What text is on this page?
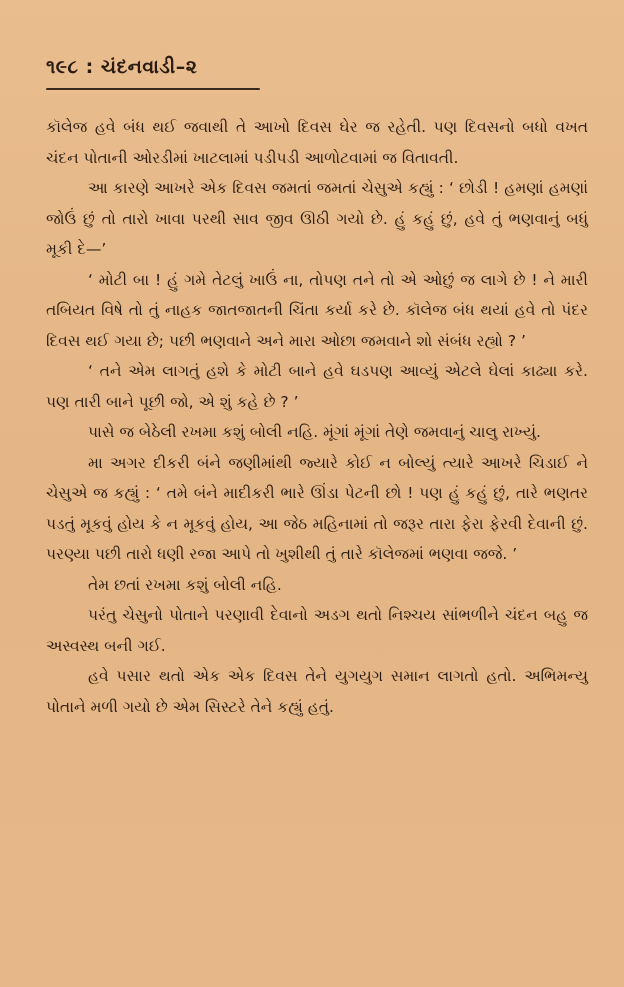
૧૯૮ : ચંદનવાડી–૨

કૉલેજ હવે બંધ થઈ જવાથી તે આખો દિવસ ઘેર જ રહેતી. પણ દિવસનો બધો વખત ચંદન પોતાની ઓરડીમાં ખાટલામાં પડીપડી આળોટવામાં જ વિતાવતી.

આ કારણે આખરે એક દિવસ જમતાં જમતાં ચેસુએ કહ્યું : ‘ છોડી ! હમણાં હમણાં જોઉં છું તો તારો ખાવા પરથી સાવ જીવ ઊઠી ગયો છે. હું કહું છું, હવે તું ભણવાનું બધું મૂકી દે—’

‘ મોટી બા ! હું ગમે તેટલું ખાઉં ના, તોપણ તને તો એ ઓછું જ લાગે છે ! ને મારી તબિયત વિષે તો તું નાહક જાતજાતની ચિંતા કર્યા કરે છે. કૉલેજ બંધ થયાં હવે તો પંદર દિવસ થઈ ગયા છે; પછી ભણવાને અને મારા ઓછા જમવાને શો સંબંધ રહ્યો ? ’

‘ તને એમ લાગતું હશે કે મોટી બાને હવે ઘડપણ આવ્યું એટલે ઘેલાં કાઢ્યા કરે. પણ તારી બાને પૂછી જો, એ શું કહે છે ? ’

પાસે જ બેઠેલી રખમા કશું બોલી નહિ. મૂંગાં મૂંગાં તેણે જમવાનું ચાલુ રાખ્યું.

મા અગર દીકરી બંને જણીમાંથી જ્યારે કોઈ ન બોલ્યું ત્યારે આખરે ચિડાઈ ને ચેસુએ જ કહ્યું : ‘ તમે બંને માદીકરી ભારે ઊંડા પેટની છો ! પણ હું કહું છું, તારે ભણતર પડતું મૂકવું હોય કે ન મૂકવું હોય, આ જેઠ મહિનામાં તો જરૂર તારા ફેરા ફેરવી દેવાની છું. પરણ્યા પછી તારો ધણી રજા આપે તો ખુશીથી તું તારે કૉલેજમાં ભણવા જજે. ’

તેમ છતાં રખમા કશું બોલી નહિ.

પરંતુ ચેસુનો પોતાને પરણાવી દેવાનો અડગ થતો નિશ્ચય સાંભળીને ચંદન બહુ જ અસ્વસ્થ બની ગઈ.

હવે પસાર થતો એક એક દિવસ તેને યુગયુગ સમાન લાગતો હતો. અભિમન્યુ પોતાને મળી ગયો છે એમ સિસ્ટરે તેને કહ્યું હતું.
